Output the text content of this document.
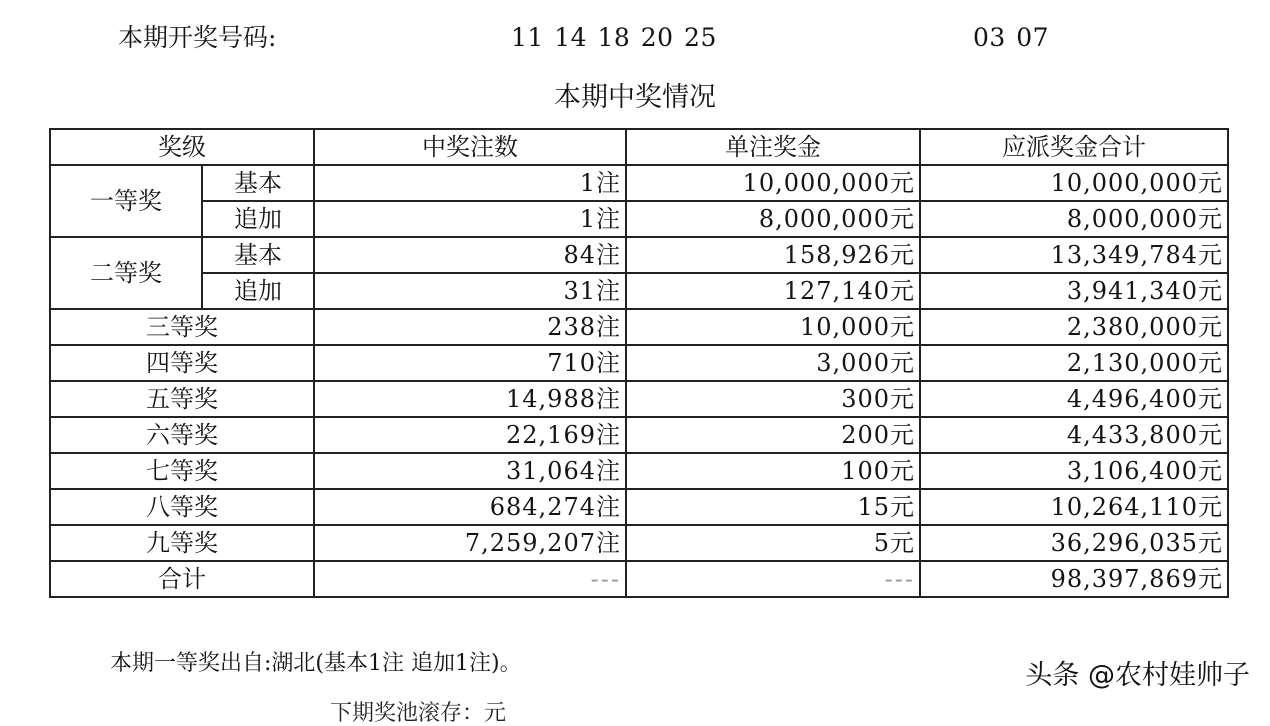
本期开奖号码:	11 14 18 20 25	03 07
本期中奖情况
奖级		中奖注数	单注奖金	应派奖金合计
一等奖	基本	1注	10,000,000元	10,000,000元
	追加	1注	8,000,000元	8,000,000元
二等奖	基本	84注	158,926元	13,349,784元
	追加	31注	127,140元	3,941,340元
三等奖		238注	10,000元	2,380,000元
四等奖		710注	3,000元	2,130,000元
五等奖		14,988注	300元	4,496,400元
六等奖		22,169注	200元	4,433,800元
七等奖		31,064注	100元	3,106,400元
八等奖		684,274注	15元	10,264,110元
九等奖		7,259,207注	5元	36,296,035元
合计		---	---	98,397,869元
本期一等奖出自:湖北(基本1注 追加1注)。	头条 @农村娃帅子
下期奖池滚存：元
